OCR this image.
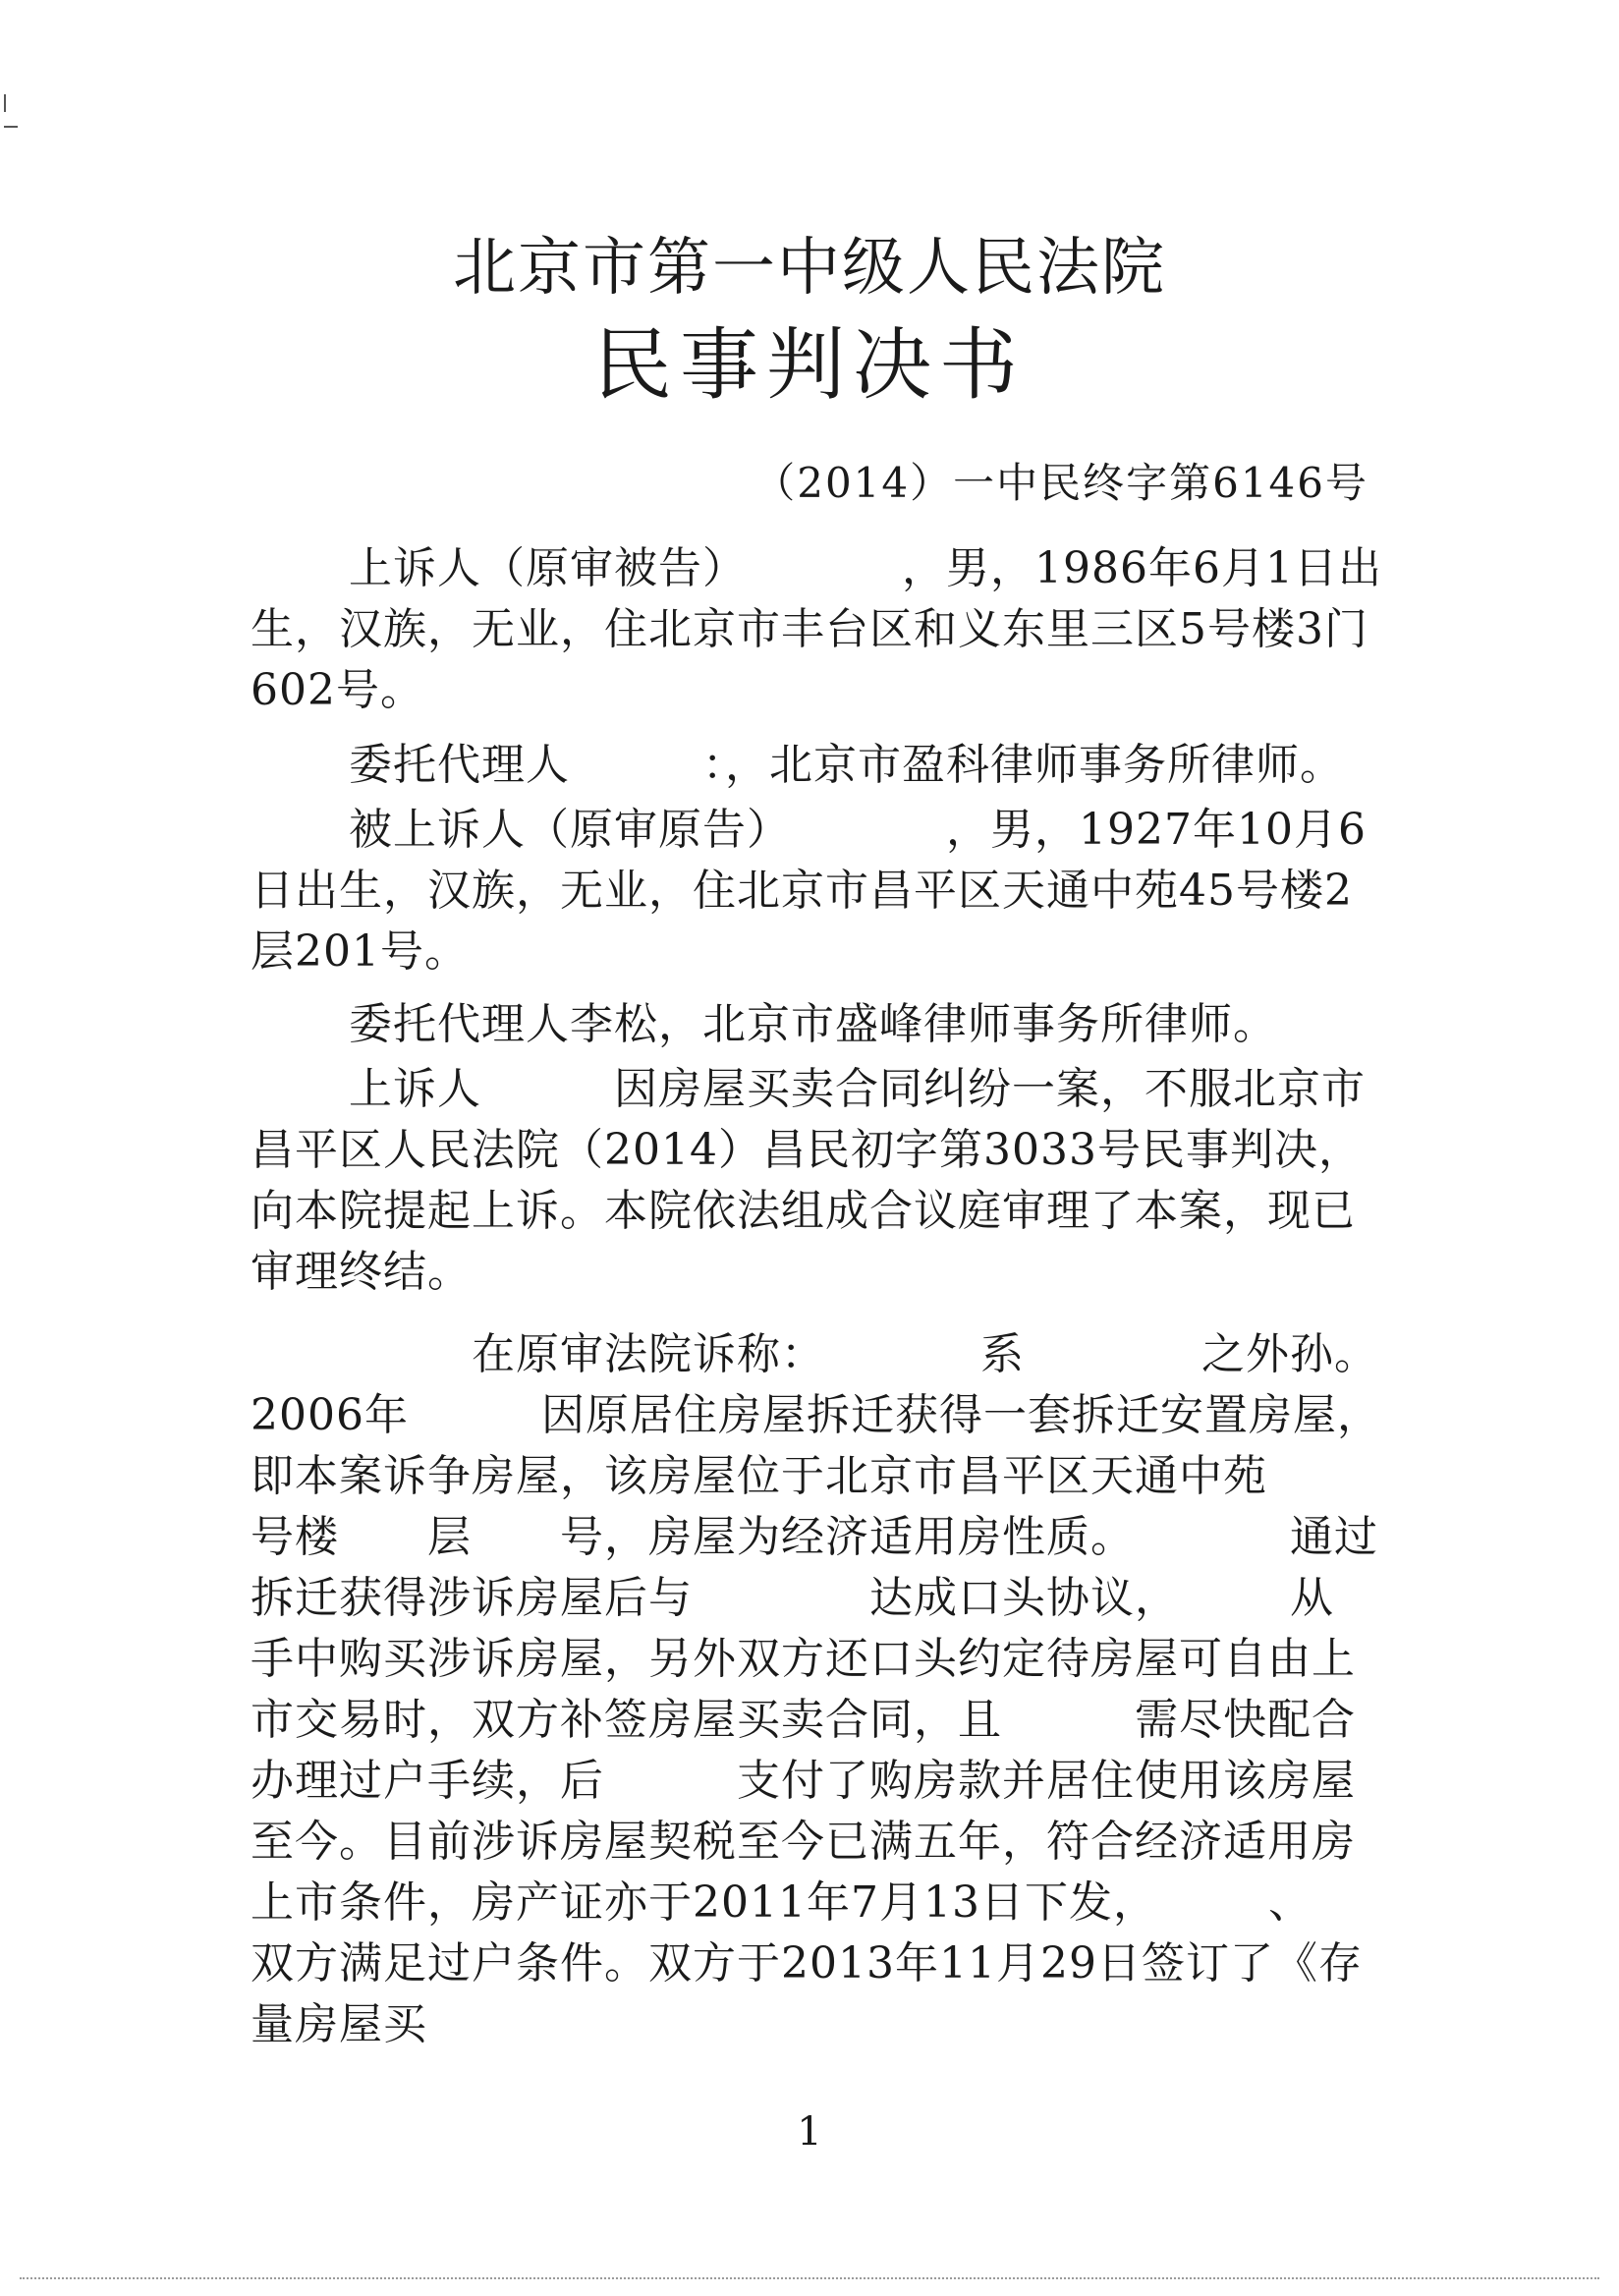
北京市第一中级人民法院
民事判决书
（2014）一中民终字第6146号

上诉人（原审被告）　　　　，男，1986年6月1日出生，汉族，无业，住北京市丰台区和义东里三区5号楼3门602号。

委托代理人　　　：，北京市盈科律师事务所律师。

被上诉人（原审原告）　　　　，男，1927年10月6日出生，汉族，无业，住北京市昌平区天通中苑45号楼2层201号。

委托代理人李松，北京市盛峰律师事务所律师。

上诉人　　　因房屋买卖合同纠纷一案，不服北京市昌平区人民法院（2014）昌民初字第3033号民事判决，向本院提起上诉。本院依法组成合议庭审理了本案，现已审理终结。

　　　　　在原审法院诉称：　　　　系　　　　之外孙。2006年　　　因原居住房屋拆迁获得一套拆迁安置房屋，即本案诉争房屋，该房屋位于北京市昌平区天通中苑　　号楼　　层　　号，房屋为经济适用房性质。　　　　通过拆迁获得涉诉房屋后与　　　　达成口头协议，　　　从　　　　手中购买涉诉房屋，另外双方还口头约定待房屋可自由上市交易时，双方补签房屋买卖合同，且　　　需尽快配合　　　办理过户手续，后　　　支付了购房款并居住使用该房屋至今。目前涉诉房屋契税至今已满五年，符合经济适用房上市条件，房产证亦于2011年7月13日下发，　　　、　　　双方满足过户条件。双方于2013年11月29日签订了《存量房屋买

1
